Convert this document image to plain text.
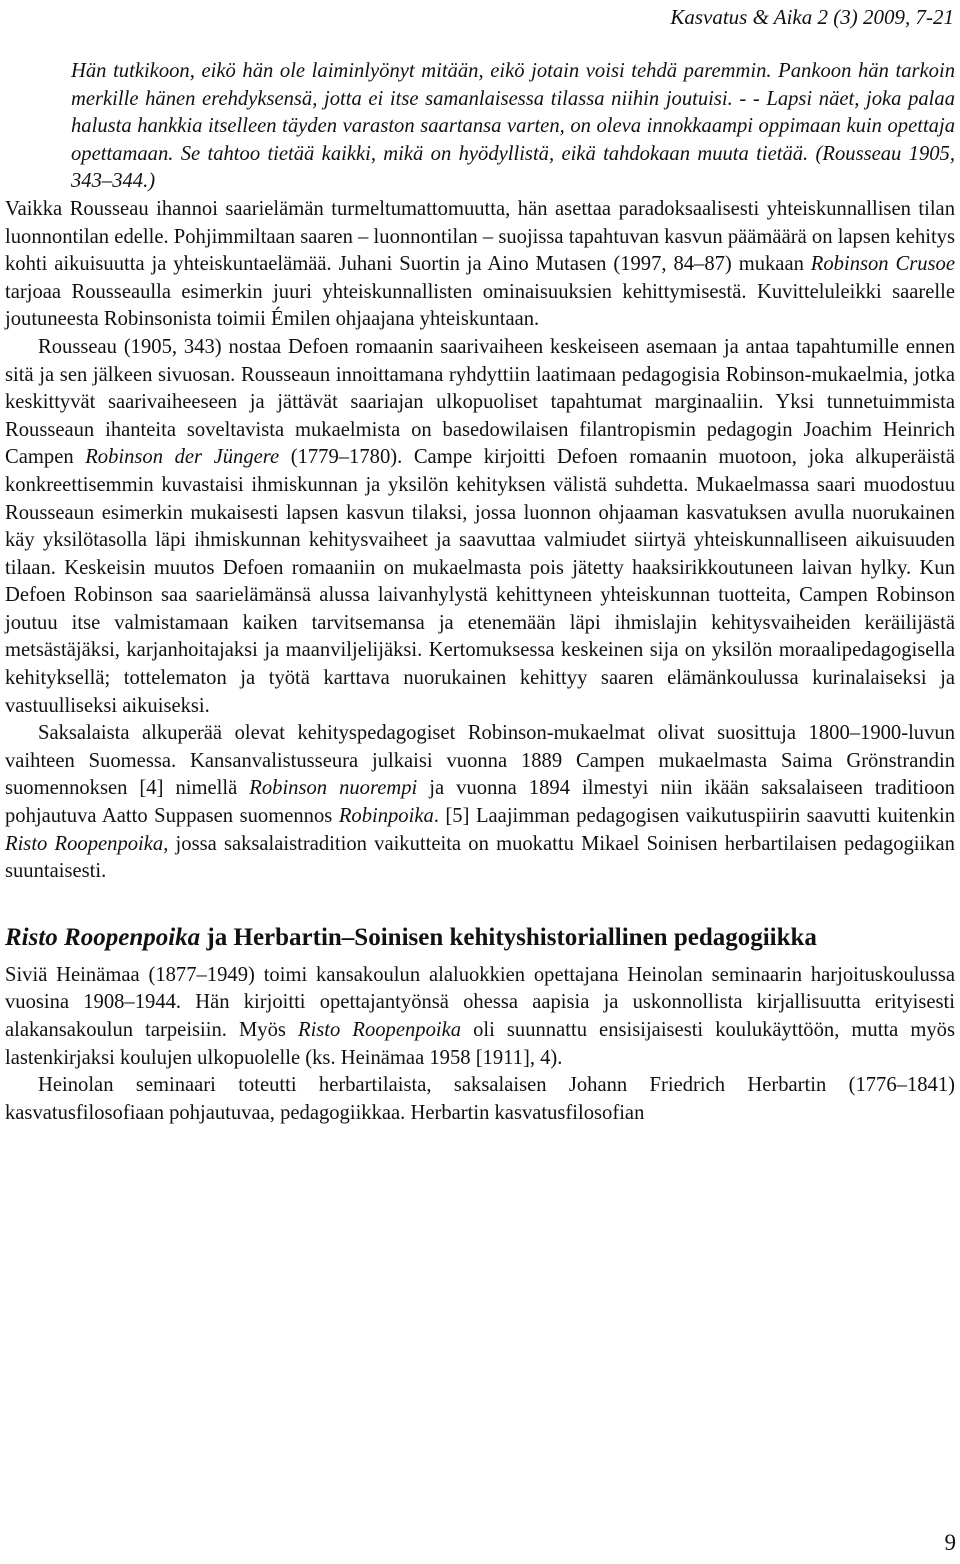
Kasvatus & Aika 2 (3) 2009, 7-21

Hän tutkikoon, eikö hän ole laiminlyönyt mitään, eikö jotain voisi tehdä paremmin. Pankoon hän tarkoin merkille hänen erehdyksensä, jotta ei itse samanlaisessa tilassa niihin joutuisi. - - Lapsi näet, joka palaa halusta hankkia itselleen täyden varaston saartansa varten, on oleva innokkaampi oppimaan kuin opettaja opettamaan. Se tahtoo tietää kaikki, mikä on hyödyllistä, eikä tahdokaan muuta tietää. (Rousseau 1905, 343–344.)

Vaikka Rousseau ihannoi saarielämän turmeltumattomuutta, hän asettaa paradoksaalisesti yhteiskunnallisen tilan luonnontilan edelle. Pohjimmiltaan saaren – luonnontilan – suojissa tapahtuvan kasvun päämäärä on lapsen kehitys kohti aikuisuutta ja yhteiskuntaelämää. Juhani Suortin ja Aino Mutasen (1997, 84–87) mukaan Robinson Crusoe tarjoaa Rousseaulla esimerkin juuri yhteiskunnallisten ominaisuuksien kehittymisestä. Kuvitteluleikki saarelle joutuneesta Robinsonista toimii Émilen ohjaajana yhteiskuntaan.

Rousseau (1905, 343) nostaa Defoen romaanin saarivaiheen keskeiseen asemaan ja antaa tapahtumille ennen sitä ja sen jälkeen sivuosan. Rousseaun innoittamana ryhdyttiin laatimaan pedagogisia Robinson-mukaelmia, jotka keskittyvät saarivaiheeseen ja jättävät saariajan ulkopuoliset tapahtumat marginaaliin. Yksi tunnetuimmista Rousseaun ihanteita soveltavista mukaelmista on basedowilaisen filantropismin pedagogin Joachim Heinrich Campen Robinson der Jüngere (1779–1780). Campe kirjoitti Defoen romaanin muotoon, joka alkuperäistä konkreettisemmin kuvastaisi ihmiskunnan ja yksilön kehityksen välistä suhdetta. Mukaelmassa saari muodostuu Rousseaun esimerkin mukaisesti lapsen kasvun tilaksi, jossa luonnon ohjaaman kasvatuksen avulla nuorukainen käy yksilötasolla läpi ihmiskunnan kehitysvaiheet ja saavuttaa valmiudet siirtyä yhteiskunnalliseen aikuisuuden tilaan. Keskeisin muutos Defoen romaaniin on mukaelmasta pois jätetty haaksirikkoutuneen laivan hylky. Kun Defoen Robinson saa saarielämänsä alussa laivanhylystä kehittyneen yhteiskunnan tuotteita, Campen Robinson joutuu itse valmistamaan kaiken tarvitsemansa ja etenemään läpi ihmislajin kehitysvaiheiden keräilijästä metsästäjäksi, karjanhoitajaksi ja maanviljelijäksi. Kertomuksessa keskeinen sija on yksilön moraalipedagogisella kehityksellä; tottelematon ja työtä karttava nuorukainen kehittyy saaren elämänkoulussa kurinalaiseksi ja vastuulliseksi aikuiseksi.

Saksalaista alkuperää olevat kehityspedagogiset Robinson-mukaelmat olivat suosittuja 1800–1900-luvun vaihteen Suomessa. Kansanvalistusseura julkaisi vuonna 1889 Campen mukaelmasta Saima Grönstrandin suomennoksen [4] nimellä Robinson nuorempi ja vuonna 1894 ilmestyi niin ikään saksalaiseen traditioon pohjautuva Aatto Suppasen suomennos Robinpoika. [5] Laajimman pedagogisen vaikutuspiirin saavutti kuitenkin Risto Roopenpoika, jossa saksalaistradition vaikutteita on muokattu Mikael Soinisen herbartilaisen pedagogiikan suuntaisesti.

Risto Roopenpoika ja Herbartin–Soinisen kehityshistoriallinen pedagogiikka

Siviä Heinämaa (1877–1949) toimi kansakoulun alaluokkien opettajana Heinolan seminaarin harjoituskoulussa vuosina 1908–1944. Hän kirjoitti opettajantyönsä ohessa aapisia ja uskonnollista kirjallisuutta erityisesti alakansakoulun tarpeisiin. Myös Risto Roopenpoika oli suunnattu ensisijaisesti koulukäyttöön, mutta myös lastenkirjaksi koulujen ulkopuolelle (ks. Heinämaa 1958 [1911], 4).

Heinolan seminaari toteutti herbartilaista, saksalaisen Johann Friedrich Herbartin (1776–1841) kasvatusfilosofiaan pohjautuvaa, pedagogiikkaa. Herbartin kasvatusfilosofian

9
